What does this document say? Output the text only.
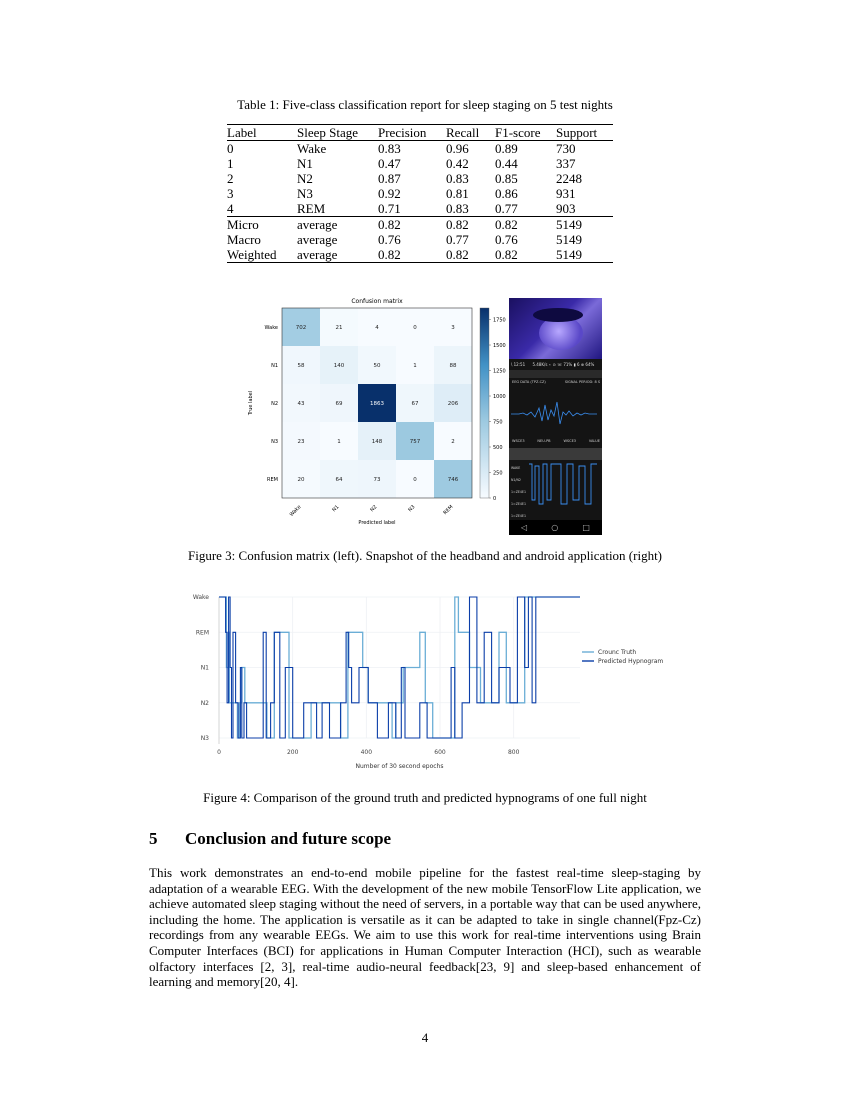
Table 1: Five-class classification report for sleep staging on 5 test nights
Label	Sleep Stage	Precision	Recall	F1-score	Support
0	Wake	0.83	0.96	0.89	730
1	N1	0.47	0.42	0.44	337
2	N2	0.87	0.83	0.85	2248
3	N3	0.92	0.81	0.86	931
4	REM	0.71	0.83	0.77	903
Micro	average	0.82	0.82	0.82	5149
Macro	average	0.76	0.77	0.76	5149
Weighted	average	0.82	0.82	0.82	5149
Confusion matrix
702	21	4	0	3
58	140	50	1	88
43	69	1863	67	206
23	1	148	757	2
20	64	73	0	746
Wake
Wake
N1
N1
N2
N2
N3
N3
REM
REM
True label
Predicted label
1750
1500
1250
1000
750
500
250
0
\ 12:51 5.48K/s ⋆ ⊙ ☏ 71% ▮ 6 ⊕ 64%
EEG DATA (TPZ-CZ)	SIGNAL PERIOD: 8 S
WSCE3	NEU-PB	WSCE3	VALUE
WAKE
N1/N2
1=ZE4E1
1=ZE4E1
1=ZE4E1
◁	○	□
Figure 3: Confusion matrix (left). Snapshot of the headband and android application (right)
Wake
REM
N1
N2
N3
0	200	400	600	800
Crounc Truth
Predicted Hypnogram
Number of 30 second epochs
Figure 4: Comparison of the ground truth and predicted hypnograms of one full night
5 Conclusion and future scope

This work demonstrates an end-to-end mobile pipeline for the fastest real-time sleep-staging by adaptation of a wearable EEG. With the development of the new mobile TensorFlow Lite application, we achieve automated sleep staging without the need of servers, in a portable way that can be used anywhere, including the home. The application is versatile as it can be adapted to take in single channel(Fpz-Cz) recordings from any wearable EEGs. We aim to use this work for real-time interventions using Brain Computer Interfaces (BCI) for applications in Human Computer Interaction (HCI), such as wearable olfactory interfaces [2, 3], real-time audio-neural feedback[23, 9] and sleep-based enhancement of learning and memory[20, 4].

4
